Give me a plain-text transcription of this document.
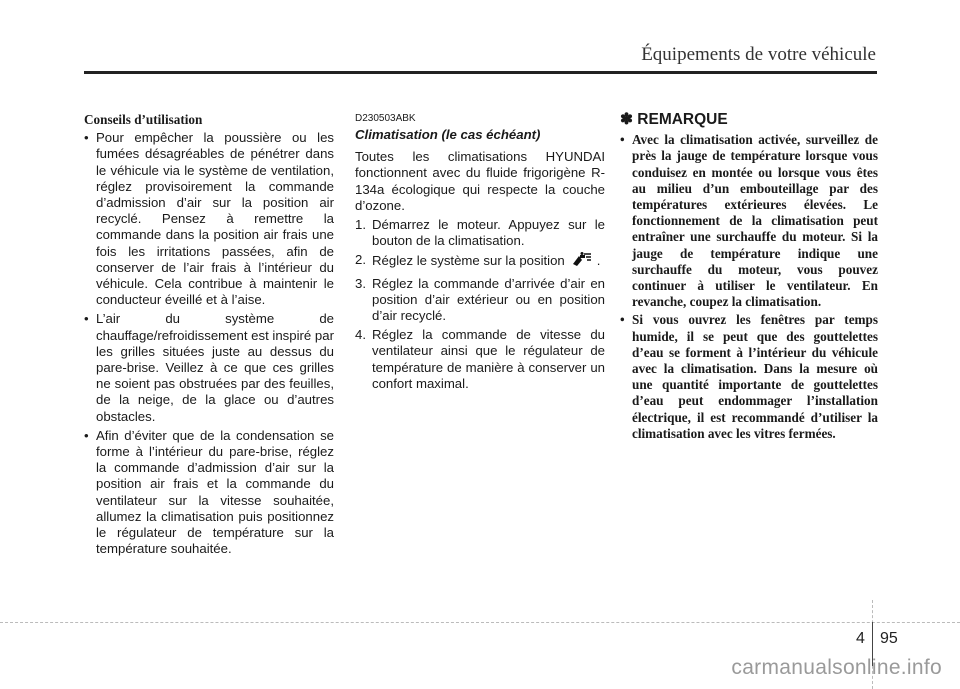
Équipements de votre véhicule
Conseils d’utilisation
• Pour empêcher la poussière ou les fumées désagréables de pénétrer dans le véhicule via le système de ventilation, réglez provisoirement la commande d’admission d’air sur la position air recyclé. Pensez à remettre la commande dans la position air frais une fois les irritations passées, afin de conserver de l’air frais à l’intérieur du véhicule. Cela contribue à maintenir le conducteur éveillé et à l’aise.
• L’air du système de chauffage/refroidissement est inspiré par les grilles situées juste au dessus du pare-brise. Veillez à ce que ces grilles ne soient pas obstruées par des feuilles, de la neige, de la glace ou d’autres obstacles.
• Afin d’éviter que de la condensation se forme à l’intérieur du pare-brise, réglez la commande d’admission d’air sur la position air frais et la commande du ventilateur sur la vitesse souhaitée, allumez la climatisation puis positionnez le régulateur de température sur la température souhaitée.
D230503ABK
Climatisation (le cas échéant)
Toutes les climatisations HYUNDAI fonctionnent avec du fluide frigorigène R-134a écologique qui respecte la couche d’ozone.
1. Démarrez le moteur. Appuyez sur le bouton de la climatisation.
2. Réglez le système sur la position .
3. Réglez la commande d’arrivée d’air en position d’air extérieur ou en position d’air recyclé.
4. Réglez la commande de vitesse du ventilateur ainsi que le régulateur de température de manière à conserver un confort maximal.
✽ REMARQUE
• Avec la climatisation activée, surveillez de près la jauge de température lorsque vous conduisez en montée ou lorsque vous êtes au milieu d’un embouteillage par des températures extérieures élevées. Le fonctionnement de la climatisation peut entraîner une surchauffe du moteur. Si la jauge de température indique une surchauffe du moteur, vous pouvez continuer à utiliser le ventilateur. En revanche, coupez la climatisation.
• Si vous ouvrez les fenêtres par temps humide, il se peut que des gouttelettes d’eau se forment à l’intérieur du véhicule avec la climatisation. Dans la mesure où une quantité importante de gouttelettes d’eau peut endommager l’installation électrique, il est recommandé d’utiliser la climatisation avec les vitres fermées.
4 95
carmanualsonline.info
